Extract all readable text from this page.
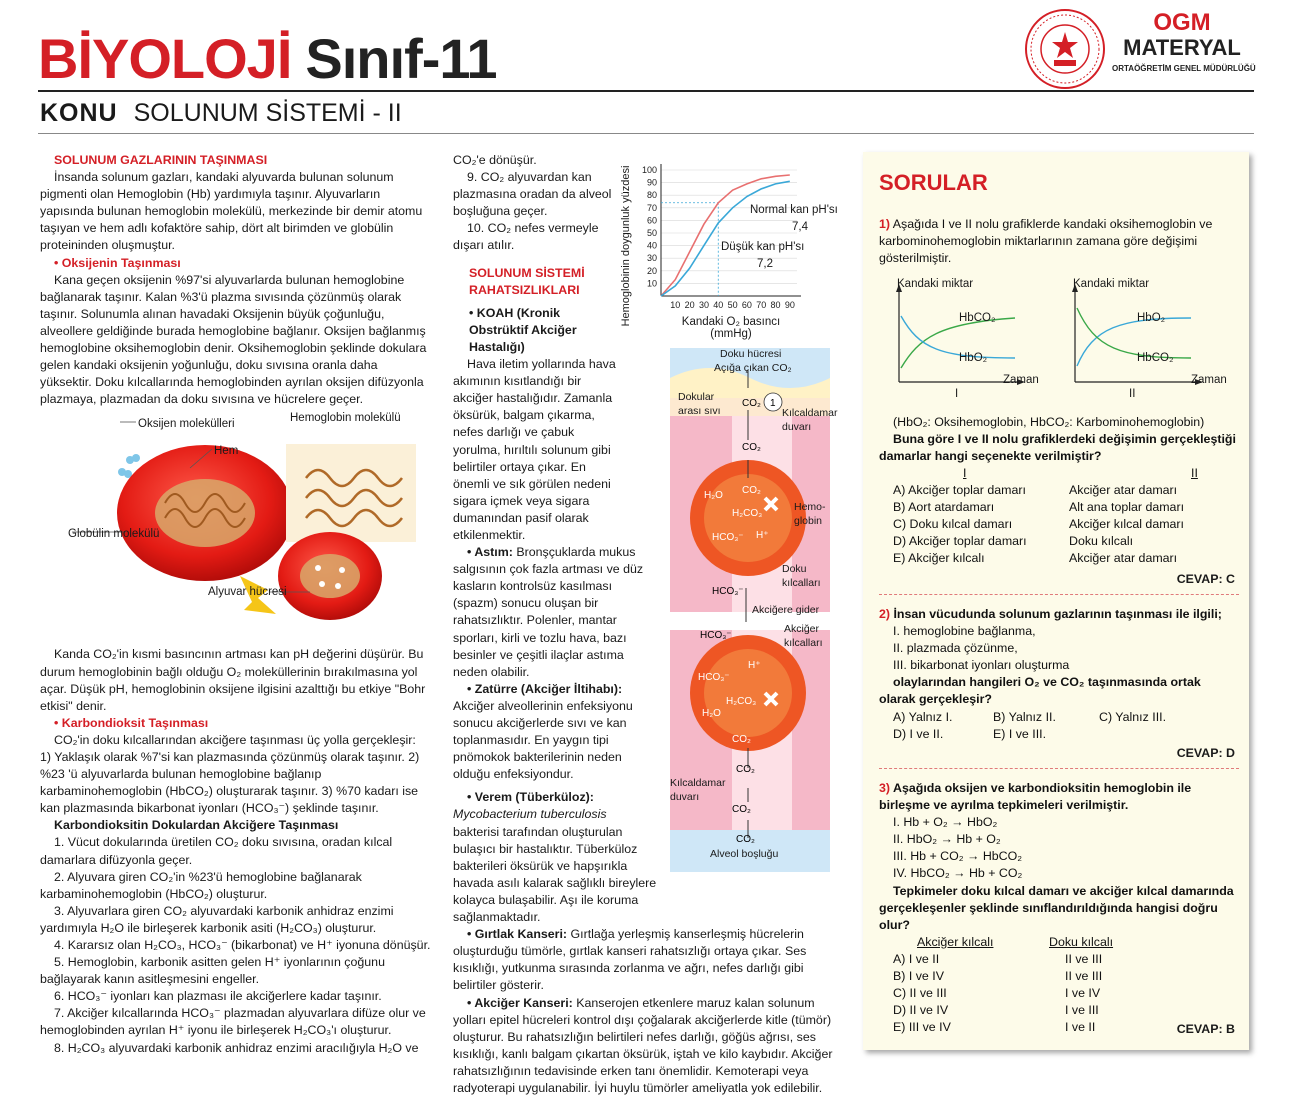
BİYOLOJİ Sınıf-11
OGM
MATERYAL
ORTAÖĞRETİM GENEL MÜDÜRLÜĞÜ
KONU SOLUNUM SİSTEMİ - II

SOLUNUM GAZLARININ TAŞINMASI

İnsanda solunum gazları, kandaki alyuvarda bulunan solunum pigmenti olan Hemoglobin (Hb) yardımıyla taşınır. Alyuvarların yapısında bulunan hemoglobin molekülü, merkezinde bir demir atomu taşıyan ve hem adlı kofaktöre sahip, dört alt birimden ve globülin proteininden oluşmuştur.

• Oksijenin Taşınması

Kana geçen oksijenin %97'si alyuvarlarda bulunan hemoglobine bağlanarak taşınır. Kalan %3'ü plazma sıvısında çözünmüş olarak taşınır. Solunumla alınan havadaki Oksijenin büyük çoğunluğu, alveollere geldiğinde burada hemoglobine bağlanır. Oksijen bağlanmış hemoglobine oksihemoglobin denir. Oksihemoglobin şeklinde dokulara gelen kandaki oksijenin yoğunluğu, doku sıvısına oranla daha yüksektir. Doku kılcallarında hemoglobinden ayrılan oksijen difüzyonla plazmaya, plazmadan da doku sıvısına ve hücrelere geçer.

Oksijen molekülleri	Hemoglobin molekülü
Hem
Globülin molekülü
Alyuvar hücresi

Kanda CO₂'in kısmi basıncının artması kan pH değerini düşürür. Bu durum hemoglobinin bağlı olduğu O₂ moleküllerinin bırakılmasına yol açar. Düşük pH, hemoglobinin oksijene ilgisini azalttığı bu etkiye "Bohr etkisi" denir.

• Karbondioksit Taşınması

CO₂'in doku kılcallarından akciğere taşınması üç yolla gerçekleşir:

1) Yaklaşık olarak %7'si kan plazmasında çözünmüş olarak taşınır. 2) %23 'ü alyuvarlarda bulunan hemoglobine bağlanıp karbaminohemoglobin (HbCO₂) oluşturarak taşınır. 3) %70 kadarı ise kan plazmasında bikarbonat iyonları (HCO₃⁻) şeklinde taşınır.

Karbondioksitin Dokulardan Akciğere Taşınması

1. Vücut dokularında üretilen CO₂ doku sıvısına, oradan kılcal damarlara difüzyonla geçer.

2. Alyuvara giren CO₂'in %23'ü hemoglobine bağlanarak karbaminohemoglobin (HbCO₂) oluşturur.

3. Alyuvarlara giren CO₂ alyuvardaki karbonik anhidraz enzimi yardımıyla H₂O ile birleşerek karbonik asiti (H₂CO₃) oluşturur.

4. Kararsız olan H₂CO₃, HCO₃⁻ (bikarbonat) ve H⁺ iyonuna dönüşür.

5. Hemoglobin, karbonik asitten gelen H⁺ iyonlarının çoğunu bağlayarak kanın asitleşmesini engeller.

6. HCO₃⁻ iyonları kan plazması ile akciğerlere kadar taşınır.

7. Akciğer kılcallarında HCO₃⁻ plazmadan alyuvarlara difüze olur ve hemoglobinden ayrılan H⁺ iyonu ile birleşerek H₂CO₃'ı oluşturur.

8. H₂CO₃ alyuvardaki karbonik anhidraz enzimi aracılığıyla H₂O ve

CO₂'e dönüşür.

9. CO₂ alyuvardan kan plazmasına oradan da alveol boşluğuna geçer.

10. CO₂ nefes vermeyle dışarı atılır.

SOLUNUM SİSTEMİ RAHATSIZLIKLARI

• KOAH (Kronik Obstrüktif Akciğer Hastalığı)

Hava iletim yollarında hava akımının kısıtlandığı bir akciğer hastalığıdır. Zamanla öksürük, balgam çıkarma, nefes darlığı ve çabuk yorulma, hırıltılı solunum gibi belirtiler ortaya çıkar. En önemli ve sık görülen nedeni sigara içmek veya sigara dumanından pasif olarak etkilenmektir.

• Astım: Bronşçuklarda mukus salgısının çok fazla artması ve düz kasların kontrolsüz kasılması (spazm) sonucu oluşan bir rahatsızlıktır. Polenler, mantar sporları, kirli ve tozlu hava, bazı besinler ve çeşitli ilaçlar astıma neden olabilir.

• Zatürre (Akciğer İltihabı):

Akciğer alveollerinin enfeksiyonu sonucu akciğerlerde sıvı ve kan toplanmasıdır. En yaygın tipi pnömokok bakterilerinin neden olduğu enfeksiyondur.

• Verem (Tüberküloz):

Mycobacterium tuberculosis

bakterisi tarafından oluşturulan bulaşıcı bir hastalıktır. Tüberküloz bakterileri öksürük ve hapşırıkla havada asılı kalarak sağlıklı bireylere kolayca bulaşabilir. Aşı ile koruma sağlanmaktadır.

• Gırtlak Kanseri: Gırtlağa yerleşmiş kanserleşmiş hücrelerin oluşturduğu tümörle, gırtlak kanseri rahatsızlığı ortaya çıkar. Ses kısıklığı, yutkunma sırasında zorlanma ve ağrı, nefes darlığı gibi belirtiler gösterir.

• Akciğer Kanseri: Kanserojen etkenlere maruz kalan solunum yolları epitel hücreleri kontrol dışı çoğalarak akciğerlerde kitle (tümör) oluşturur. Bu rahatsızlığın belirtileri nefes darlığı, göğüs ağrısı, ses kısıklığı, kanlı balgam çıkartan öksürük, iştah ve kilo kaybıdır. Akciğer rahatsızlığının tedavisinde erken tanı önemlidir. Kemoterapi veya radyoterapi uygulanabilir. İyi huylu tümörler ameliyatla yok edilebilir.

10
20
30
40
50
60
70
80
90
100
10 20 30 40 50 60 70 80 90
Normal kan pH'sı
7,4
Düşük kan pH'sı
7,2
Kandaki O₂ basıncı (mmHg)
Hemoglobinin doygunluk yüzdesi
1
CO₂
CO₂
CO₂
H₂O
H₂CO₃
HCO₃⁻ H⁺
HCO₃⁻
HCO₃⁻
HCO₃⁻
H⁺
H₂CO₃
H₂O
CO₂
CO₂
CO₂
CO₂
Doku hücresi
Açığa çıkan CO₂
Dokular arası sıvı	Kılcaldamar duvarı
Hemo-globin
Doku kılcalları
Akciğere gider
Akciğer kılcalları
Kılcaldamar duvarı
Alveol boşluğu
SORULAR

1) Aşağıda I ve II nolu grafiklerde kandaki oksihemoglobin ve karbominohemoglobin miktarlarının zamana göre değişimi gösterilmiştir.

Kandaki miktar	Kandaki miktar
HbCO₂
HbO₂
HbO₂
HbCO₂
Zaman	Zaman
I	II

(HbO₂: Oksihemoglobin, HbCO₂: Karbominohemoglobin)

Buna göre I ve II nolu grafiklerdeki değişimin gerçekleştiği damarlar hangi seçenekte verilmiştir?

I	II
A) Akciğer toplar damarı	Akciğer atar damarı
B) Aort atardamarı	Alt ana toplar damarı
C) Doku kılcal damarı	Akciğer kılcal damarı
D) Akciğer toplar damarı	Doku kılcalı
E) Akciğer kılcalı	Akciğer atar damarı
CEVAP: C

2) İnsan vücudunda solunum gazlarının taşınması ile ilgili;

I. hemoglobine bağlanma,

II. plazmada çözünme,

III. bikarbonat iyonları oluşturma

olaylarından hangileri O₂ ve CO₂ taşınmasında ortak olarak gerçekleşir?

A) Yalnız I.	B) Yalnız II.	C) Yalnız III.
D) I ve II.	E) I ve III.
CEVAP: D

3) Aşağıda oksijen ve karbondioksitin hemoglobin ile birleşme ve ayrılma tepkimeleri verilmiştir.

I. Hb + O₂ → HbO₂

II. HbO₂ → Hb + O₂

III. Hb + CO₂ → HbCO₂

IV. HbCO₂ → Hb + CO₂

Tepkimeler doku kılcal damarı ve akciğer kılcal damarında gerçekleşenler şeklinde sınıflandırıldığında hangisi doğru olur?

Akciğer kılcalı	Doku kılcalı
A) I ve II	II ve III
B) I ve IV	II ve III
C) II ve III	I ve IV
D) II ve IV	I ve III
E) III ve IV	I ve II	CEVAP: B
